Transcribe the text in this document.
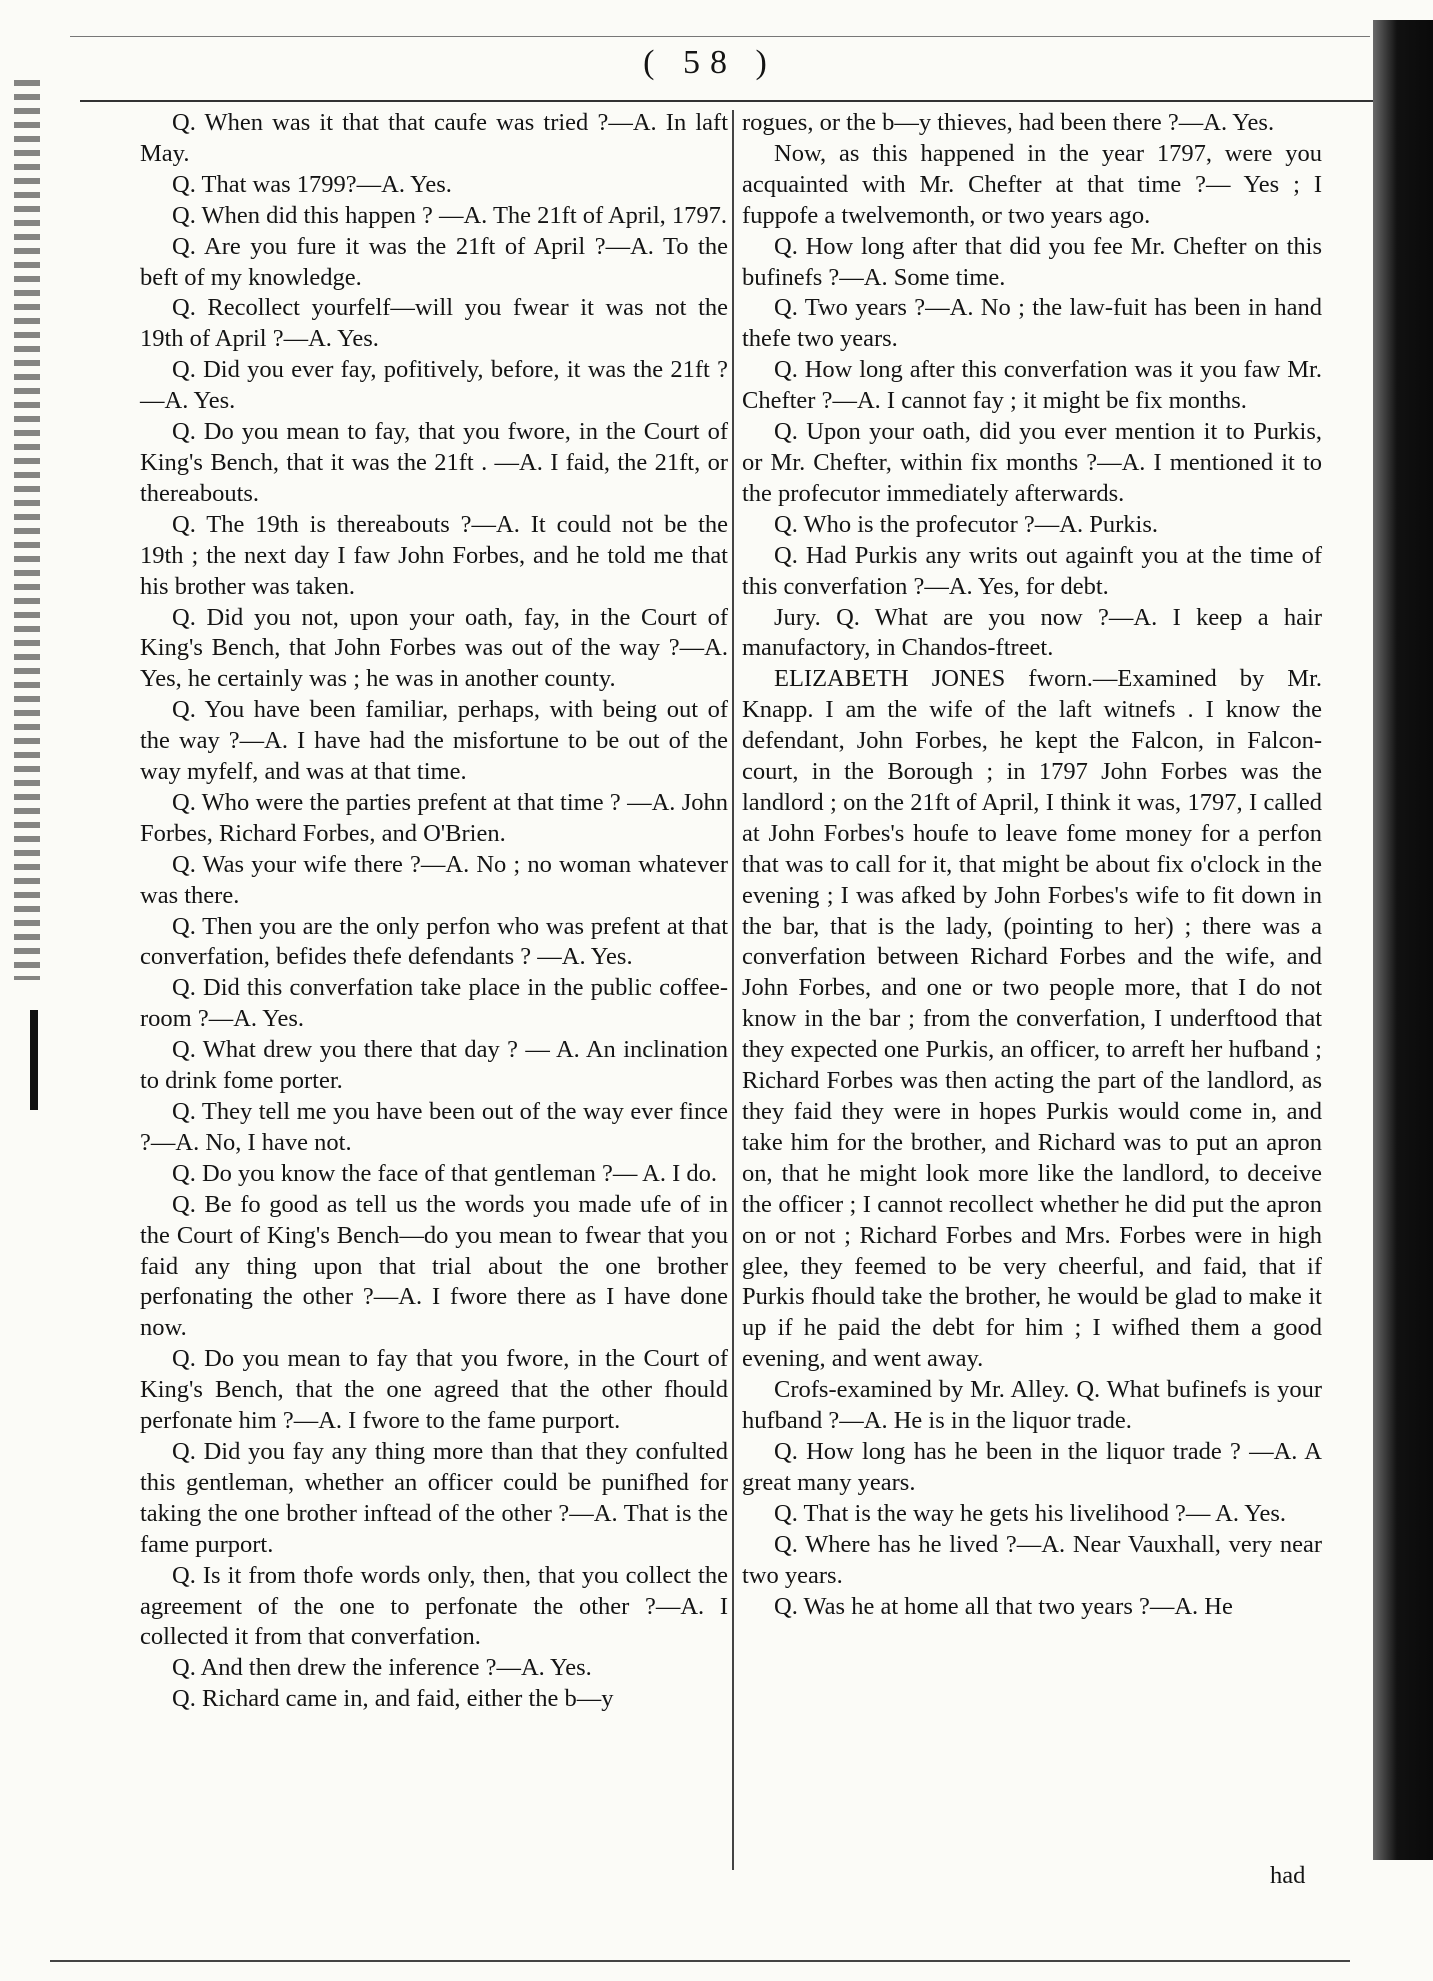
( 58 )

Q. When was it that that caufe was tried ?—A. In laft May.

Q. That was 1799?—A. Yes.

Q. When did this happen ? —A. The 21ft of April, 1797.

Q. Are you fure it was the 21ft of April ?—A. To the beft of my knowledge.

Q. Recollect yourfelf—will you fwear it was not the 19th of April ?—A. Yes.

Q. Did you ever fay, pofitively, before, it was the 21ft ?—A. Yes.

Q. Do you mean to fay, that you fwore, in the Court of King's Bench, that it was the 21ft . —A. I faid, the 21ft, or thereabouts.

Q. The 19th is thereabouts ?—A. It could not be the 19th ; the next day I faw John Forbes, and he told me that his brother was taken.

Q. Did you not, upon your oath, fay, in the Court of King's Bench, that John Forbes was out of the way ?—A. Yes, he certainly was ; he was in another county.

Q. You have been familiar, perhaps, with being out of the way ?—A. I have had the misfortune to be out of the way myfelf, and was at that time.

Q. Who were the parties prefent at that time ? —A. John Forbes, Richard Forbes, and O'Brien.

Q. Was your wife there ?—A. No ; no woman whatever was there.

Q. Then you are the only perfon who was prefent at that converfation, befides thefe defendants ? —A. Yes.

Q. Did this converfation take place in the public coffee-room ?—A. Yes.

Q. What drew you there that day ? — A. An inclination to drink fome porter.

Q. They tell me you have been out of the way ever fince ?—A. No, I have not.

Q. Do you know the face of that gentleman ?— A. I do.

Q. Be fo good as tell us the words you made ufe of in the Court of King's Bench—do you mean to fwear that you faid any thing upon that trial about the one brother perfonating the other ?—A. I fwore there as I have done now.

Q. Do you mean to fay that you fwore, in the Court of King's Bench, that the one agreed that the other fhould perfonate him ?—A. I fwore to the fame purport.

Q. Did you fay any thing more than that they confulted this gentleman, whether an officer could be punifhed for taking the one brother inftead of the other ?—A. That is the fame purport.

Q. Is it from thofe words only, then, that you collect the agreement of the one to perfonate the other ?—A. I collected it from that converfation.

Q. And then drew the inference ?—A. Yes.

Q. Richard came in, and faid, either the b—y

rogues, or the b—y thieves, had been there ?—A. Yes.

Now, as this happened in the year 1797, were you acquainted with Mr. Chefter at that time ?— Yes ; I fuppofe a twelvemonth, or two years ago.

Q. How long after that did you fee Mr. Chefter on this bufinefs ?—A. Some time.

Q. Two years ?—A. No ; the law-fuit has been in hand thefe two years.

Q. How long after this converfation was it you faw Mr. Chefter ?—A. I cannot fay ; it might be fix months.

Q. Upon your oath, did you ever mention it to Purkis, or Mr. Chefter, within fix months ?—A. I mentioned it to the profecutor immediately afterwards.

Q. Who is the profecutor ?—A. Purkis.

Q. Had Purkis any writs out againft you at the time of this converfation ?—A. Yes, for debt.

Jury. Q. What are you now ?—A. I keep a hair manufactory, in Chandos-ftreet.

ELIZABETH JONES fworn.—Examined by Mr. Knapp. I am the wife of the laft witnefs . I know the defendant, John Forbes, he kept the Falcon, in Falcon-court, in the Borough ; in 1797 John Forbes was the landlord ; on the 21ft of April, I think it was, 1797, I called at John Forbes's houfe to leave fome money for a perfon that was to call for it, that might be about fix o'clock in the evening ; I was afked by John Forbes's wife to fit down in the bar, that is the lady, (pointing to her) ; there was a converfation between Richard Forbes and the wife, and John Forbes, and one or two people more, that I do not know in the bar ; from the converfation, I underftood that they expected one Purkis, an officer, to arreft her hufband ; Richard Forbes was then acting the part of the landlord, as they faid they were in hopes Purkis would come in, and take him for the brother, and Richard was to put an apron on, that he might look more like the landlord, to deceive the officer ; I cannot recollect whether he did put the apron on or not ; Richard Forbes and Mrs. Forbes were in high glee, they feemed to be very cheerful, and faid, that if Purkis fhould take the brother, he would be glad to make it up if he paid the debt for him ; I wifhed them a good evening, and went away.

Crofs-examined by Mr. Alley. Q. What bufinefs is your hufband ?—A. He is in the liquor trade.

Q. How long has he been in the liquor trade ? —A. A great many years.

Q. That is the way he gets his livelihood ?— A. Yes.

Q. Where has he lived ?—A. Near Vauxhall, very near two years.

Q. Was he at home all that two years ?—A. He

had
